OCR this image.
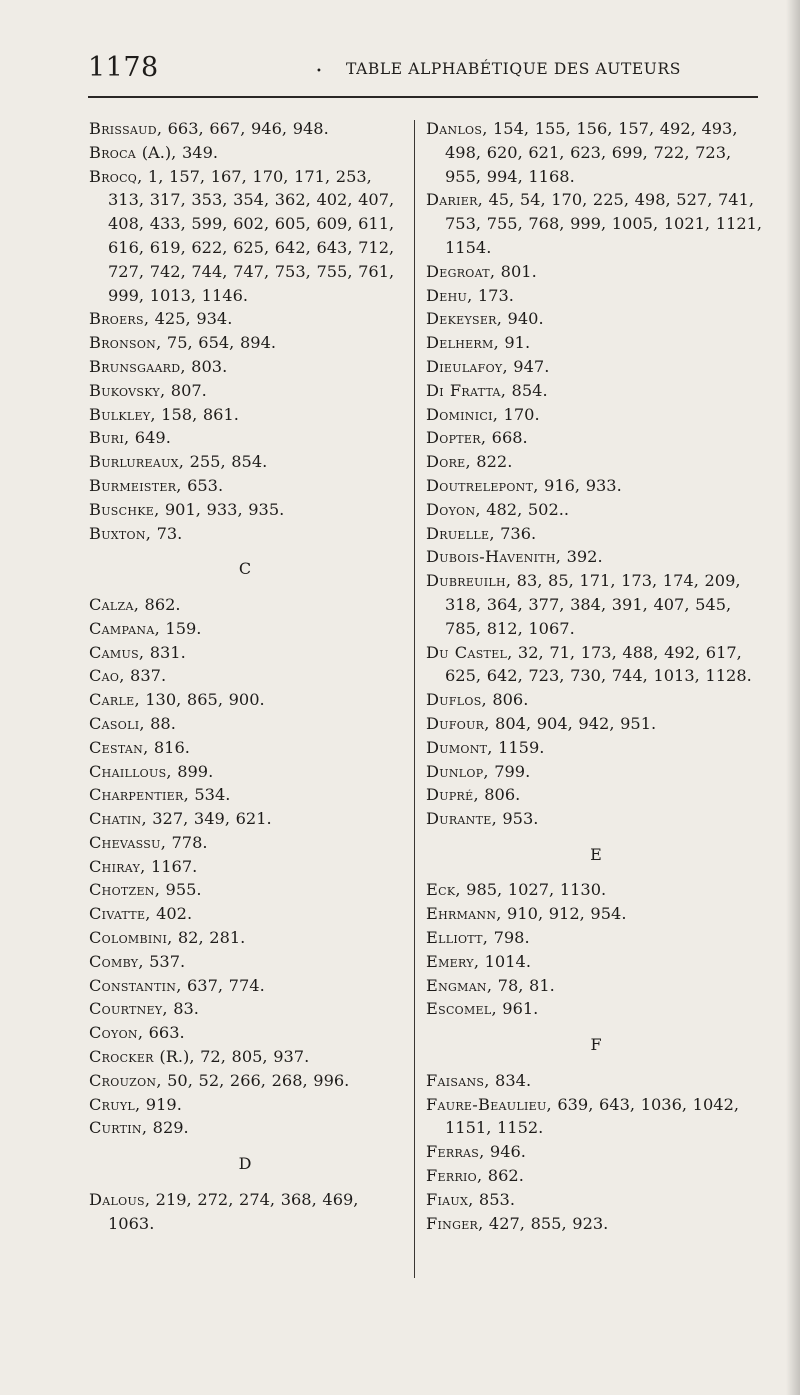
1178	• TABLE ALPHABÉTIQUE DES AUTEURS
Brissaud, 663, 667, 946, 948.
Broca (A.), 349.
Brocq, 1, 157, 167, 170, 171, 253, 313, 317, 353, 354, 362, 402, 407, 408, 433, 599, 602, 605, 609, 611, 616, 619, 622, 625, 642, 643, 712, 727, 742, 744, 747, 753, 755, 761, 999, 1013, 1146.
Broers, 425, 934.
Bronson, 75, 654, 894.
Brunsgaard, 803.
Bukovsky, 807.
Bulkley, 158, 861.
Buri, 649.
Burlureaux, 255, 854.
Burmeister, 653.
Buschke, 901, 933, 935.
Buxton, 73.
C
Calza, 862.
Campana, 159.
Camus, 831.
Cao, 837.
Carle, 130, 865, 900.
Casoli, 88.
Cestan, 816.
Chaillous, 899.
Charpentier, 534.
Chatin, 327, 349, 621.
Chevassu, 778.
Chiray, 1167.
Chotzen, 955.
Civatte, 402.
Colombini, 82, 281.
Comby, 537.
Constantin, 637, 774.
Courtney, 83.
Coyon, 663.
Crocker (R.), 72, 805, 937.
Crouzon, 50, 52, 266, 268, 996.
Cruyl, 919.
Curtin, 829.
D
Dalous, 219, 272, 274, 368, 469, 1063.
Danlos, 154, 155, 156, 157, 492, 493, 498, 620, 621, 623, 699, 722, 723, 955, 994, 1168.
Darier, 45, 54, 170, 225, 498, 527, 741, 753, 755, 768, 999, 1005, 1021, 1121, 1154.
Degroat, 801.
Dehu, 173.
Dekeyser, 940.
Delherm, 91.
Dieulafoy, 947.
Di Fratta, 854.
Dominici, 170.
Dopter, 668.
Dore, 822.
Doutrelepont, 916, 933.
Doyon, 482, 502..
Druelle, 736.
Dubois-Havenith, 392.
Dubreuilh, 83, 85, 171, 173, 174, 209, 318, 364, 377, 384, 391, 407, 545, 785, 812, 1067.
Du Castel, 32, 71, 173, 488, 492, 617, 625, 642, 723, 730, 744, 1013, 1128.
Duflos, 806.
Dufour, 804, 904, 942, 951.
Dumont, 1159.
Dunlop, 799.
Dupré, 806.
Durante, 953.
E
Eck, 985, 1027, 1130.
Ehrmann, 910, 912, 954.
Elliott, 798.
Emery, 1014.
Engman, 78, 81.
Escomel, 961.
F
Faisans, 834.
Faure-Beaulieu, 639, 643, 1036, 1042, 1151, 1152.
Ferras, 946.
Ferrio, 862.
Fiaux, 853.
Finger, 427, 855, 923.
